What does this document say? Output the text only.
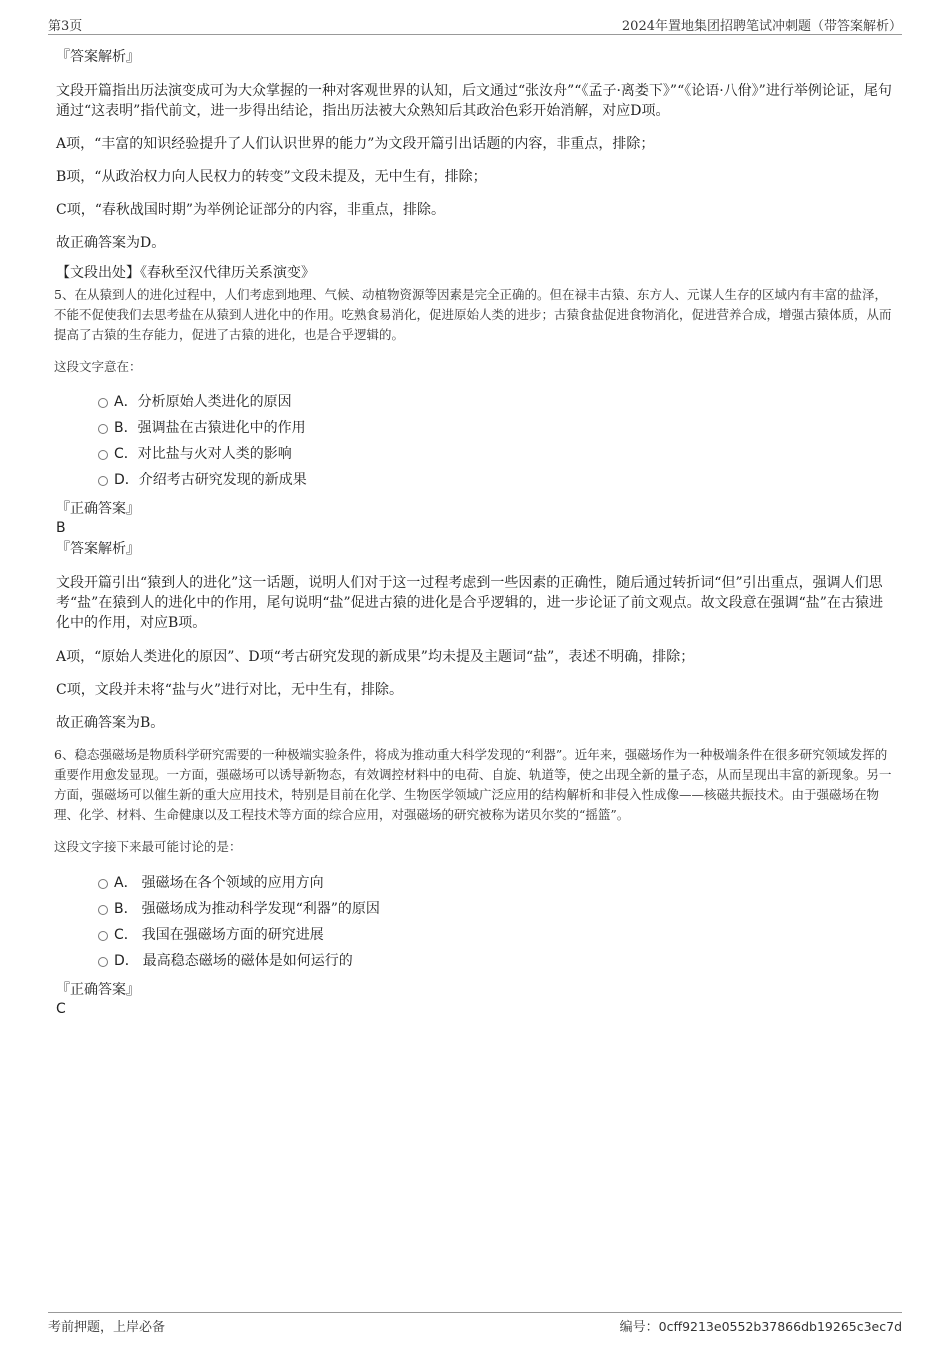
第3页	2024年置地集团招聘笔试冲刺题（带答案解析）

『答案解析』

文段开篇指出历法演变成可为大众掌握的一种对客观世界的认知，后文通过“张汝舟”“《孟子·离娄下》”“《论语·八佾》”进行举例论证，尾句通过“这表明”指代前文，进一步得出结论，指出历法被大众熟知后其政治色彩开始消解，对应D项。

A项，“丰富的知识经验提升了人们认识世界的能力”为文段开篇引出话题的内容，非重点，排除；

B项，“从政治权力向人民权力的转变”文段未提及，无中生有，排除；

C项，“春秋战国时期”为举例论证部分的内容，非重点，排除。

故正确答案为D。

【文段出处】《春秋至汉代律历关系演变》

5、在从猿到人的进化过程中，人们考虑到地理、气候、动植物资源等因素是完全正确的。但在禄丰古猿、东方人、元谋人生存的区域内有丰富的盐泽，不能不促使我们去思考盐在从猿到人进化中的作用。吃熟食易消化，促进原始人类的进步；古猿食盐促进食物消化，促进营养合成，增强古猿体质，从而提高了古猿的生存能力，促进了古猿的进化，也是合乎逻辑的。

这段文字意在：

A．分析原始人类进化的原因
B．强调盐在古猿进化中的作用
C．对比盐与火对人类的影响
D．介绍考古研究发现的新成果

『正确答案』

B

『答案解析』

文段开篇引出“猿到人的进化”这一话题，说明人们对于这一过程考虑到一些因素的正确性，随后通过转折词“但”引出重点，强调人们思考“盐”在猿到人的进化中的作用，尾句说明“盐”促进古猿的进化是合乎逻辑的，进一步论证了前文观点。故文段意在强调“盐”在古猿进化中的作用，对应B项。

A项，“原始人类进化的原因”、D项“考古研究发现的新成果”均未提及主题词“盐”，表述不明确，排除；

C项，文段并未将“盐与火”进行对比，无中生有，排除。

故正确答案为B。

6、稳态强磁场是物质科学研究需要的一种极端实验条件，将成为推动重大科学发现的“利器”。近年来，强磁场作为一种极端条件在很多研究领域发挥的重要作用愈发显现。一方面，强磁场可以诱导新物态，有效调控材料中的电荷、自旋、轨道等，使之出现全新的量子态，从而呈现出丰富的新现象。另一方面，强磁场可以催生新的重大应用技术，特别是目前在化学、生物医学领域广泛应用的结构解析和非侵入性成像——核磁共振技术。由于强磁场在物理、化学、材料、生命健康以及工程技术等方面的综合应用，对强磁场的研究被称为诺贝尔奖的“摇篮”。

这段文字接下来最可能讨论的是：

A． 强磁场在各个领域的应用方向
B． 强磁场成为推动科学发现“利器”的原因
C． 我国在强磁场方面的研究进展
D． 最高稳态磁场的磁体是如何运行的

『正确答案』

C

考前押题，上岸必备	编号：0cff9213e0552b37866db19265c3ec7d
